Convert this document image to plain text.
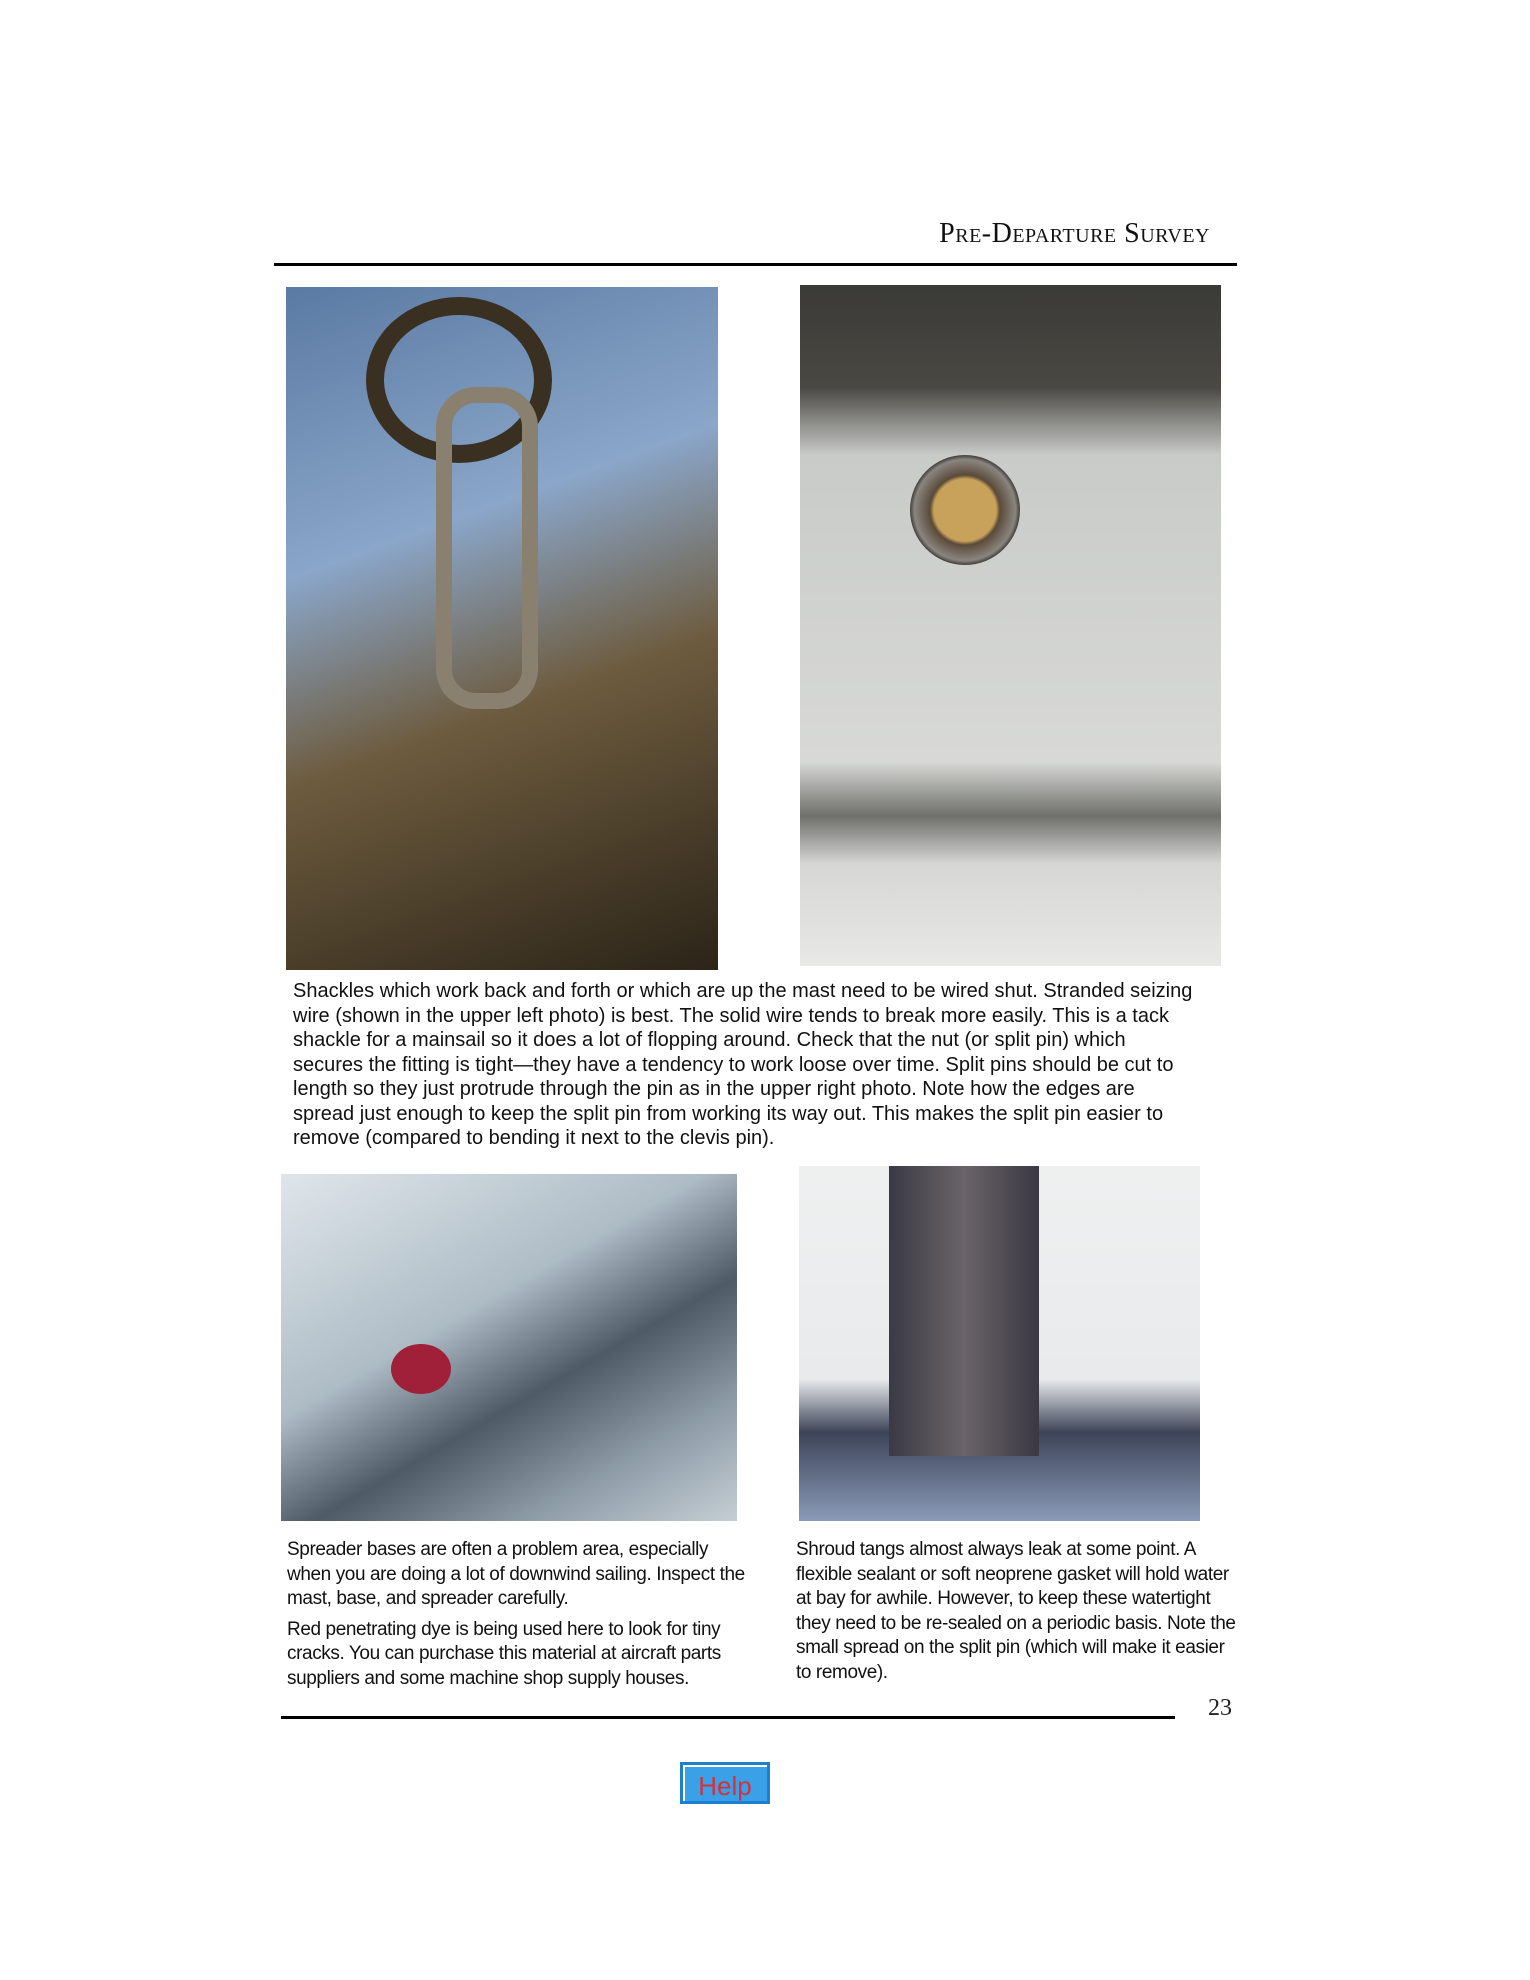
Pre-Departure Survey
Shackles which work back and forth or which are up the mast need to be wired shut. Stranded seizing wire (shown in the upper left photo) is best. The solid wire tends to break more easily. This is a tack shackle for a mainsail so it does a lot of flopping around. Check that the nut (or split pin) which secures the fitting is tight—they have a tendency to work loose over time. Split pins should be cut to length so they just protrude through the pin as in the upper right photo. Note how the edges are spread just enough to keep the split pin from working its way out. This makes the split pin easier to remove (compared to bending it next to the clevis pin).

Spreader bases are often a problem area, especially when you are doing a lot of downwind sailing. Inspect the mast, base, and spreader carefully.

Red penetrating dye is being used here to look for tiny cracks. You can purchase this material at aircraft parts suppliers and some machine shop supply houses.

Shroud tangs almost always leak at some point. A flexible sealant or soft neoprene gasket will hold water at bay for awhile. However, to keep these watertight they need to be re-sealed on a periodic basis. Note the small spread on the split pin (which will make it easier to remove).
23
Help
